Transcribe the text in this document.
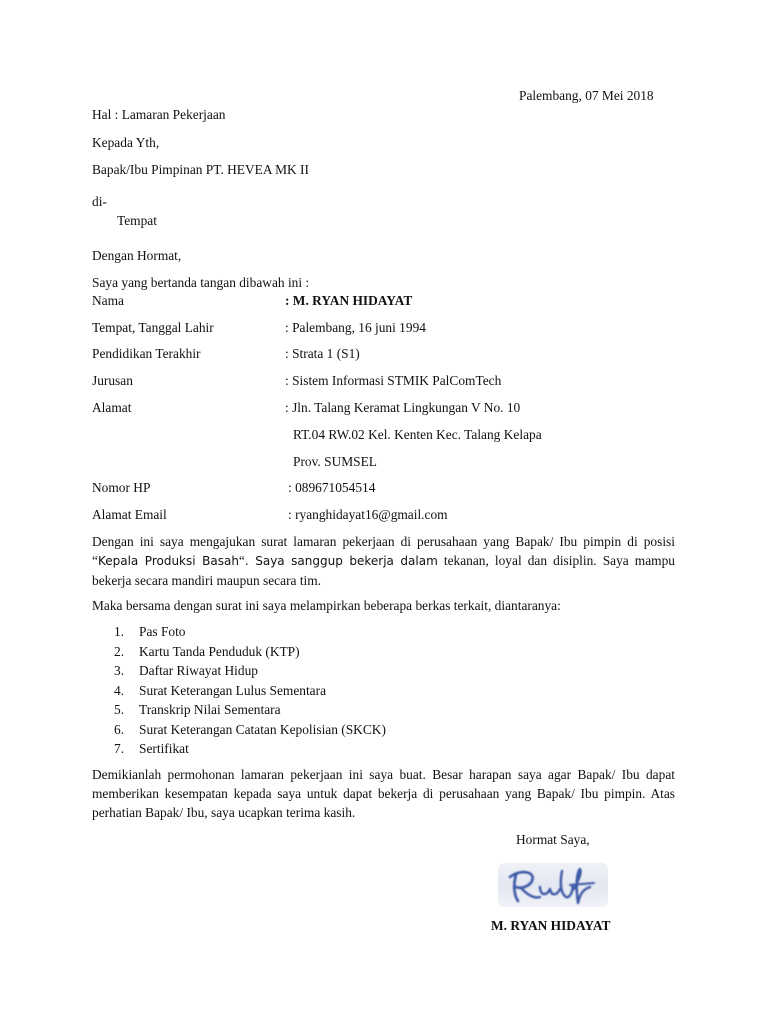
Palembang, 07 Mei 2018
Hal : Lamaran Pekerjaan
Kepada Yth,
Bapak/Ibu Pimpinan PT. HEVEA MK II
di-
Tempat
Dengan Hormat,
Saya yang bertanda tangan dibawah ini :
Nama	: M. RYAN HIDAYAT
Tempat, Tanggal Lahir	: Palembang, 16 juni 1994
Pendidikan Terakhir	: Strata 1 (S1)
Jurusan	: Sistem Informasi STMIK PalComTech
Alamat	: Jln. Talang Keramat Lingkungan V No. 10
RT.04 RW.02 Kel. Kenten Kec. Talang Kelapa
Prov. SUMSEL
Nomor HP	: 089671054514
Alamat Email	: ryanghidayat16@gmail.com
Dengan ini saya mengajukan surat lamaran pekerjaan di perusahaan yang Bapak/ Ibu pimpin di posisi “Kepala Produksi Basah“. Saya sanggup bekerja dalam tekanan, loyal dan disiplin. Saya mampu bekerja secara mandiri maupun secara tim.
Maka bersama dengan surat ini saya melampirkan beberapa berkas terkait, diantaranya:
1. Pas Foto
2. Kartu Tanda Penduduk (KTP)
3. Daftar Riwayat Hidup
4. Surat Keterangan Lulus Sementara
5. Transkrip Nilai Sementara
6. Surat Keterangan Catatan Kepolisian (SKCK)
7. Sertifikat
Demikianlah permohonan lamaran pekerjaan ini saya buat. Besar harapan saya agar Bapak/ Ibu dapat memberikan kesempatan kepada saya untuk dapat bekerja di perusahaan yang Bapak/ Ibu pimpin. Atas perhatian Bapak/ Ibu, saya ucapkan terima kasih.
Hormat Saya,
M. RYAN HIDAYAT
